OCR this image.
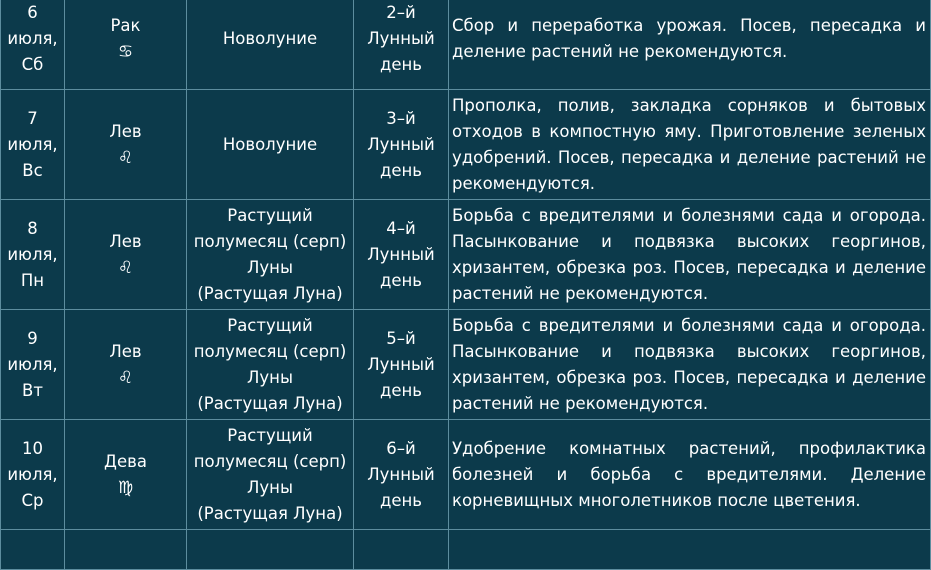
6
июля,
Сб	Рак
♋	Новолуние	2–й
Лунный
день	Сбор и переработка урожая. Посев, пересадка и деление растений не рекомендуются.

7
июля,
Вс	Лев
♌	Новолуние	3–й
Лунный
день	Прополка, полив, закладка сорняков и бытовых отходов в компостную яму. Приготовление зеленых удобрений. Посев, пересадка и деление растений не рекомендуются.

8
июля,
Пн	Лев
♌	Растущий
полумесяц (серп)
Луны
(Растущая Луна)	4–й
Лунный
день	Борьба с вредителями и болезнями сада и огорода. Пасынкование и подвязка высоких георгинов, хризантем, обрезка роз. Посев, пересадка и деление растений не рекомендуются.

9
июля,
Вт	Лев
♌	Растущий
полумесяц (серп)
Луны
(Растущая Луна)	5–й
Лунный
день	Борьба с вредителями и болезнями сада и огорода. Пасынкование и подвязка высоких георгинов, хризантем, обрезка роз. Посев, пересадка и деление растений не рекомендуются.

10
июля,
Ср	Дева
♍	Растущий
полумесяц (серп)
Луны
(Растущая Луна)	6–й
Лунный
день	Удобрение комнатных растений, профилактика болезней и борьба с вредителями. Деление корневищных многолетников после цветения.
